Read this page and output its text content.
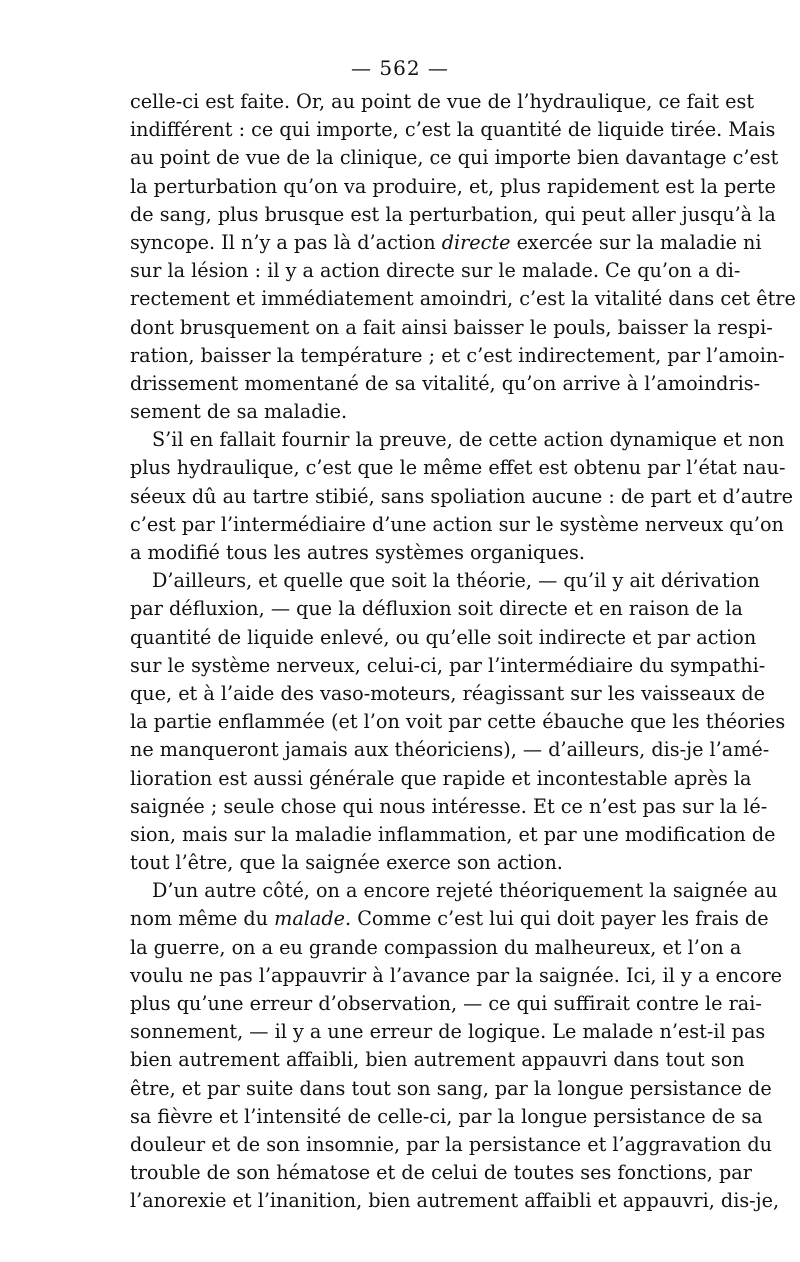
— 562 —
celle-ci est faite. Or, au point de vue de l’hydraulique, ce fait est
indifférent : ce qui importe, c’est la quantité de liquide tirée. Mais
au point de vue de la clinique, ce qui importe bien davantage c’est
la perturbation qu’on va produire, et, plus rapidement est la perte
de sang, plus brusque est la perturbation, qui peut aller jusqu’à la
syncope. Il n’y a pas là d’action directe exercée sur la maladie ni
sur la lésion : il y a action directe sur le malade. Ce qu’on a di-
rectement et immédiatement amoindri, c’est la vitalité dans cet être
dont brusquement on a fait ainsi baisser le pouls, baisser la respi-
ration, baisser la température ; et c’est indirectement, par l’amoin-
drissement momentané de sa vitalité, qu’on arrive à l’amoindris-
sement de sa maladie.
S’il en fallait fournir la preuve, de cette action dynamique et non
plus hydraulique, c’est que le même effet est obtenu par l’état nau-
séeux dû au tartre stibié, sans spoliation aucune : de part et d’autre
c’est par l’intermédiaire d’une action sur le système nerveux qu’on
a modifié tous les autres systèmes organiques.
D’ailleurs, et quelle que soit la théorie, — qu’il y ait dérivation
par défluxion, — que la défluxion soit directe et en raison de la
quantité de liquide enlevé, ou qu’elle soit indirecte et par action
sur le système nerveux, celui-ci, par l’intermédiaire du sympathi-
que, et à l’aide des vaso-moteurs, réagissant sur les vaisseaux de
la partie enflammée (et l’on voit par cette ébauche que les théories
ne manqueront jamais aux théoriciens), — d’ailleurs, dis-je l’amé-
lioration est aussi générale que rapide et incontestable après la
saignée ; seule chose qui nous intéresse. Et ce n’est pas sur la lé-
sion, mais sur la maladie inflammation, et par une modification de
tout l’être, que la saignée exerce son action.
D’un autre côté, on a encore rejeté théoriquement la saignée au
nom même du malade. Comme c’est lui qui doit payer les frais de
la guerre, on a eu grande compassion du malheureux, et l’on a
voulu ne pas l’appauvrir à l’avance par la saignée. Ici, il y a encore
plus qu’une erreur d’observation, — ce qui suffirait contre le rai-
sonnement, — il y a une erreur de logique. Le malade n’est-il pas
bien autrement affaibli, bien autrement appauvri dans tout son
être, et par suite dans tout son sang, par la longue persistance de
sa fièvre et l’intensité de celle-ci, par la longue persistance de sa
douleur et de son insomnie, par la persistance et l’aggravation du
trouble de son hématose et de celui de toutes ses fonctions, par
l’anorexie et l’inanition, bien autrement affaibli et appauvri, dis-je,
